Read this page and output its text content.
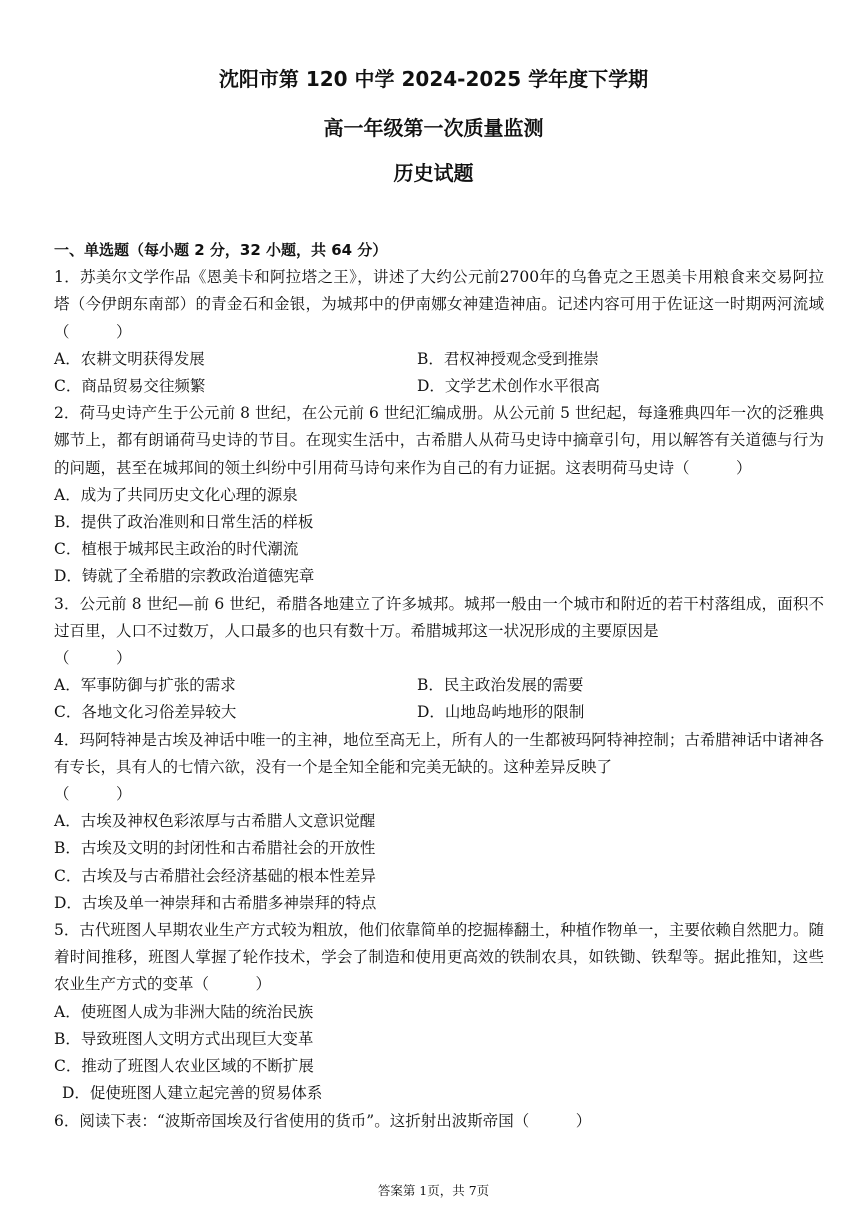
沈阳市第 120 中学 2024-2025 学年度下学期
高一年级第一次质量监测
历史试题
一、单选题（每小题 2 分，32 小题，共 64 分）
1．苏美尔文学作品《恩美卡和阿拉塔之王》，讲述了大约公元前2700年的乌鲁克之王恩美卡用粮食来交易阿拉塔（今伊朗东南部）的青金石和金银，为城邦中的伊南娜女神建造神庙。记述内容可用于佐证这一时期两河流域（　　　）
A．农耕文明获得发展	B．君权神授观念受到推崇
C．商品贸易交往频繁	D．文学艺术创作水平很高
2．荷马史诗产生于公元前 8 世纪，在公元前 6 世纪汇编成册。从公元前 5 世纪起，每逢雅典四年一次的泛雅典娜节上，都有朗诵荷马史诗的节目。在现实生活中，古希腊人从荷马史诗中摘章引句，用以解答有关道德与行为的问题，甚至在城邦间的领土纠纷中引用荷马诗句来作为自己的有力证据。这表明荷马史诗（　　　）
A．成为了共同历史文化心理的源泉
B．提供了政治准则和日常生活的样板
C．植根于城邦民主政治的时代潮流
D．铸就了全希腊的宗教政治道德宪章
3．公元前 8 世纪—前 6 世纪，希腊各地建立了许多城邦。城邦一般由一个城市和附近的若干村落组成，面积不过百里，人口不过数万，人口最多的也只有数十万。希腊城邦这一状况形成的主要原因是
（　　　）
A．军事防御与扩张的需求	B．民主政治发展的需要
C．各地文化习俗差异较大	D．山地岛屿地形的限制
4．玛阿特神是古埃及神话中唯一的主神，地位至高无上，所有人的一生都被玛阿特神控制；古希腊神话中诸神各有专长，具有人的七情六欲，没有一个是全知全能和完美无缺的。这种差异反映了
（　　　）
A．古埃及神权色彩浓厚与古希腊人文意识觉醒
B．古埃及文明的封闭性和古希腊社会的开放性
C．古埃及与古希腊社会经济基础的根本性差异
D．古埃及单一神崇拜和古希腊多神崇拜的特点
5．古代班图人早期农业生产方式较为粗放，他们依靠简单的挖掘棒翻土，种植作物单一，主要依赖自然肥力。随着时间推移，班图人掌握了轮作技术，学会了制造和使用更高效的铁制农具，如铁锄、铁犁等。据此推知，这些农业生产方式的变革（　　　）
A．使班图人成为非洲大陆的统治民族
B．导致班图人文明方式出现巨大变革
C．推动了班图人农业区域的不断扩展
D．促使班图人建立起完善的贸易体系
6．阅读下表：“波斯帝国埃及行省使用的货币”。这折射出波斯帝国（　　　）
答案第 1页，共 7页
